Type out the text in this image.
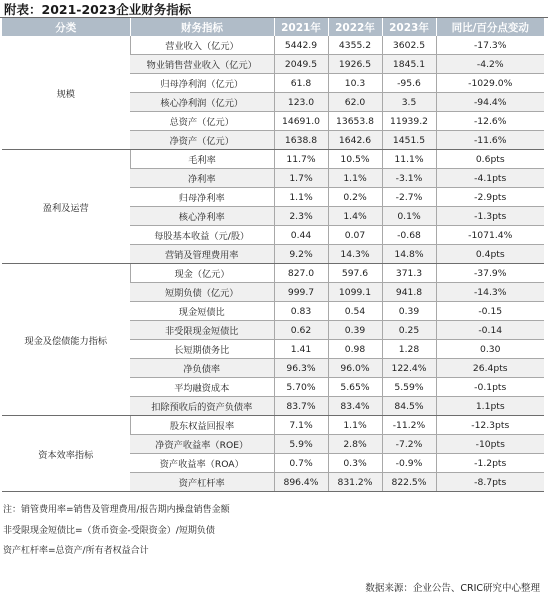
附表：2021-2023企业财务指标
分类	财务指标	2021年	2022年	2023年	同比/百分点变动
规模	营业收入（亿元）	5442.9	4355.2	3602.5	-17.3%
	物业销售营业收入（亿元）	2049.5	1926.5	1845.1	-4.2%
	归母净利润（亿元）	61.8	10.3	-95.6	-1029.0%
	核心净利润（亿元）	123.0	62.0	3.5	-94.4%
	总资产（亿元）	14691.0	13653.8	11939.2	-12.6%
	净资产（亿元）	1638.8	1642.6	1451.5	-11.6%
盈利及运营	毛利率	11.7%	10.5%	11.1%	0.6pts
	净利率	1.7%	1.1%	-3.1%	-4.1pts
	归母净利率	1.1%	0.2%	-2.7%	-2.9pts
	核心净利率	2.3%	1.4%	0.1%	-1.3pts
	每股基本收益（元/股）	0.44	0.07	-0.68	-1071.4%
	营销及管理费用率	9.2%	14.3%	14.8%	0.4pts
现金及偿债能力指标	现金（亿元）	827.0	597.6	371.3	-37.9%
	短期负债（亿元）	999.7	1099.1	941.8	-14.3%
	现金短债比	0.83	0.54	0.39	-0.15
	非受限现金短债比	0.62	0.39	0.25	-0.14
	长短期债务比	1.41	0.98	1.28	0.30
	净负债率	96.3%	96.0%	122.4%	26.4pts
	平均融资成本	5.70%	5.65%	5.59%	-0.1pts
	扣除预收后的资产负债率	83.7%	83.4%	84.5%	1.1pts
资本效率指标	股东权益回报率	7.1%	1.1%	-11.2%	-12.3pts
	净资产收益率（ROE）	5.9%	2.8%	-7.2%	-10pts
	资产收益率（ROA）	0.7%	0.3%	-0.9%	-1.2pts
	资产杠杆率	896.4%	831.2%	822.5%	-8.7pts
注：销管费用率=销售及管理费用/报告期内操盘销售金额
非受限现金短债比=（货币资金-受限资金）/短期负债
资产杠杆率=总资产/所有者权益合计
数据来源：企业公告、CRIC研究中心整理
